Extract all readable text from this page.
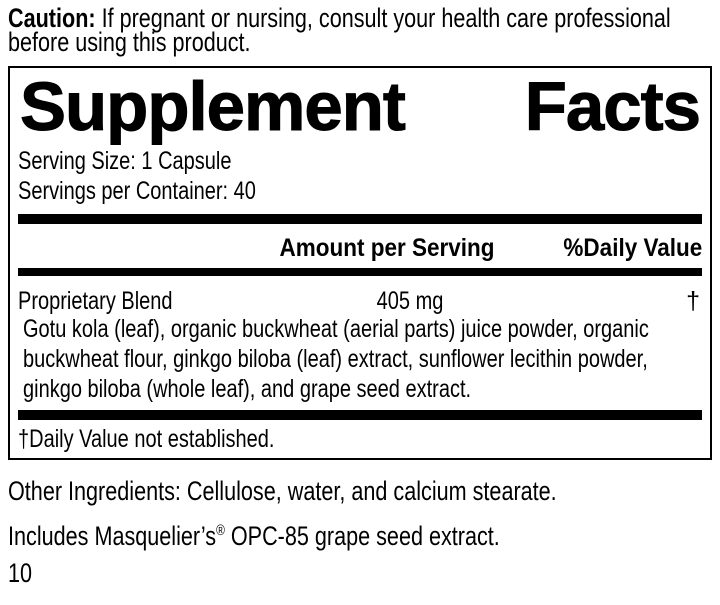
Caution: If pregnant or nursing, consult your health care professional
before using this product.
Supplement Facts
Serving Size: 1 Capsule
Servings per Container: 40
Amount per Serving	%Daily Value
Proprietary Blend	405 mg	†
Gotu kola (leaf), organic buckwheat (aerial parts) juice powder, organic
buckwheat flour, ginkgo biloba (leaf) extract, sunflower lecithin powder,
ginkgo biloba (whole leaf), and grape seed extract.
†Daily Value not established.
Other Ingredients: Cellulose, water, and calcium stearate.
Includes Masquelier’s® OPC-85 grape seed extract.
10
